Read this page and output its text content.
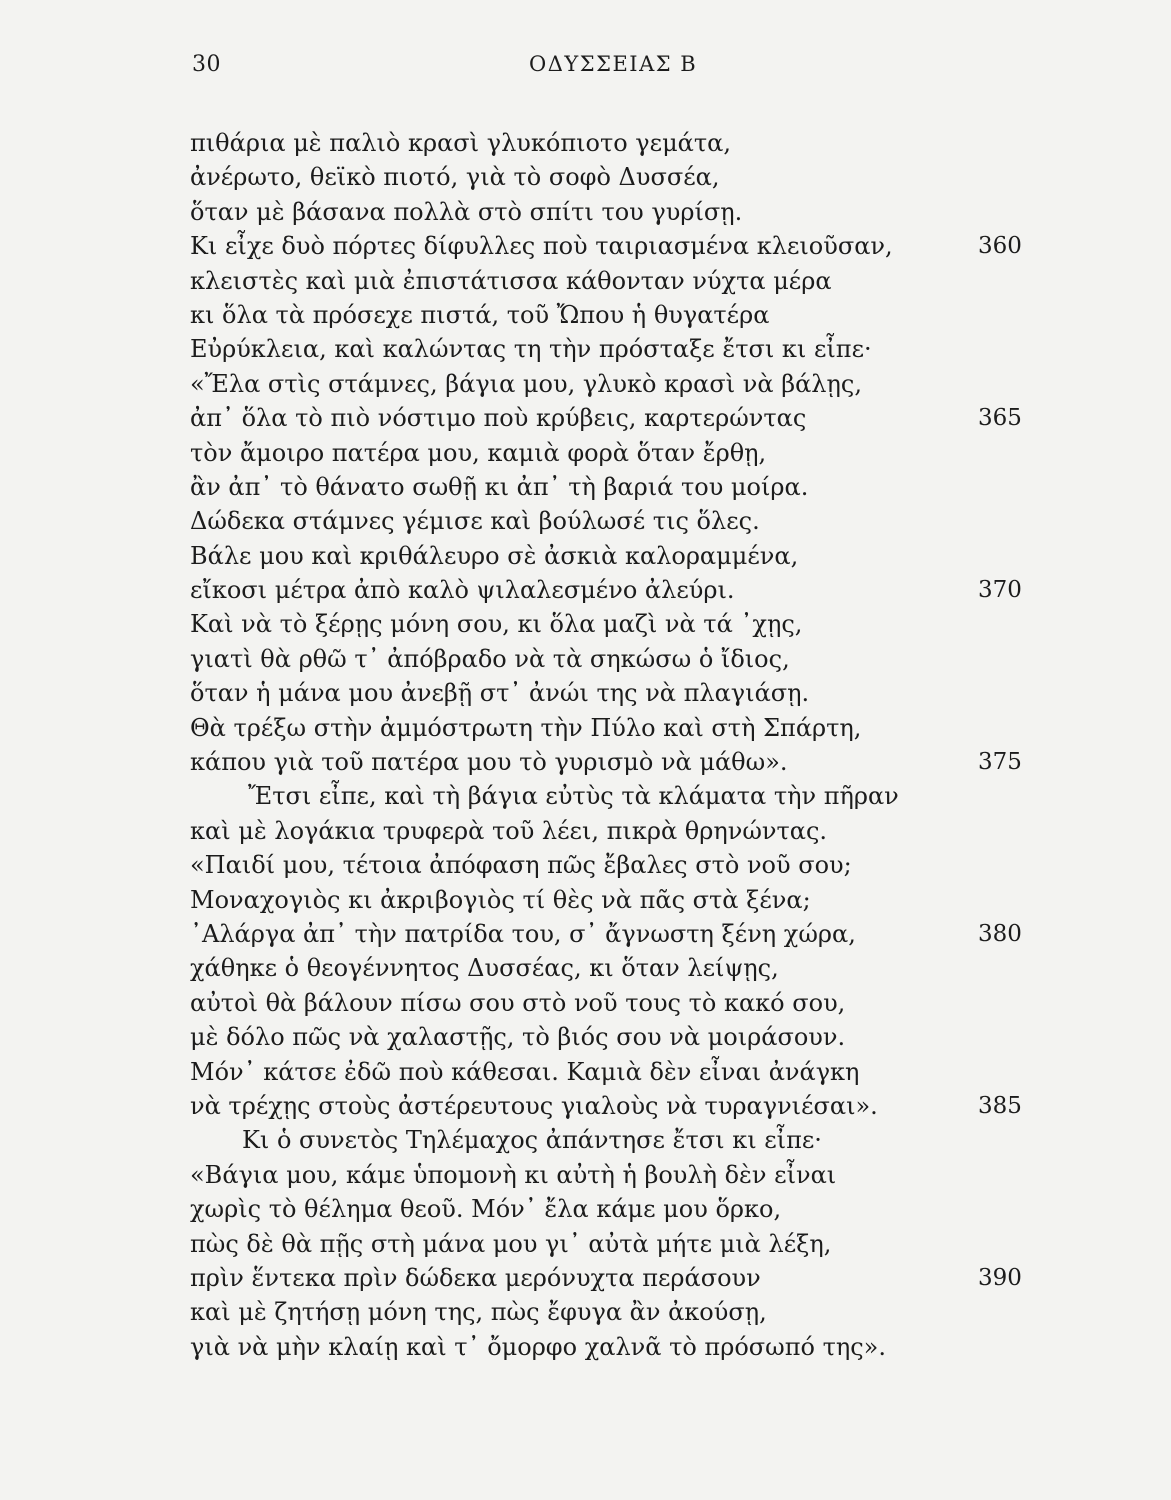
30	ΟΔΥΣΣΕΙΑΣ Β
πιθάρια μὲ παλιὸ κρασὶ γλυκόπιοτο γεμάτα,
ἀνέρωτο, θεϊκὸ πιοτό, γιὰ τὸ σοφὸ Δυσσέα,
ὅταν μὲ βάσανα πολλὰ στὸ σπίτι του γυρίσῃ.
Κι εἶχε δυὸ πόρτες δίφυλλες ποὺ ταιριασμένα κλειοῦσαν,	360
κλειστὲς καὶ μιὰ ἐπιστάτισσα κάθονταν νύχτα μέρα
κι ὅλα τὰ πρόσεχε πιστά, τοῦ Ὤπου ἡ θυγατέρα
Εὐρύκλεια, καὶ καλώντας τη τὴν πρόσταξε ἔτσι κι εἶπε·
«Ἔλα στὶς στάμνες, βάγια μου, γλυκὸ κρασὶ νὰ βάλῃς,
ἀπ᾿ ὅλα τὸ πιὸ νόστιμο ποὺ κρύβεις, καρτερώντας	365
τὸν ἄμοιρο πατέρα μου, καμιὰ φορὰ ὅταν ἔρθῃ,
ἂν ἀπ᾿ τὸ θάνατο σωθῇ κι ἀπ᾿ τὴ βαριά του μοίρα.
Δώδεκα στάμνες γέμισε καὶ βούλωσέ τις ὅλες.
Βάλε μου καὶ κριθάλευρο σὲ ἀσκιὰ καλοραμμένα,
εἴκοσι μέτρα ἀπὸ καλὸ ψιλαλεσμένο ἀλεύρι.	370
Καὶ νὰ τὸ ξέρῃς μόνη σου, κι ὅλα μαζὶ νὰ τά ᾿χῃς,
γιατὶ θὰ ρθῶ τ᾿ ἀπόβραδο νὰ τὰ σηκώσω ὁ ἴδιος,
ὅταν ἡ μάνα μου ἀνεβῇ στ᾿ ἀνώι της νὰ πλαγιάσῃ.
Θὰ τρέξω στὴν ἀμμόστρωτη τὴν Πύλο καὶ στὴ Σπάρτη,
κάπου γιὰ τοῦ πατέρα μου τὸ γυρισμὸ νὰ μάθω».	375
Ἔτσι εἶπε, καὶ τὴ βάγια εὐτὺς τὰ κλάματα τὴν πῆραν
καὶ μὲ λογάκια τρυφερὰ τοῦ λέει, πικρὰ θρηνώντας.
«Παιδί μου, τέτοια ἀπόφαση πῶς ἔβαλες στὸ νοῦ σου;
Μοναχογιὸς κι ἀκριβογιὸς τί θὲς νὰ πᾶς στὰ ξένα;
᾿Αλάργα ἀπ᾿ τὴν πατρίδα του, σ᾿ ἄγνωστη ξένη χώρα,	380
χάθηκε ὁ θεογέννητος Δυσσέας, κι ὅταν λείψῃς,
αὐτοὶ θὰ βάλουν πίσω σου στὸ νοῦ τους τὸ κακό σου,
μὲ δόλο πῶς νὰ χαλαστῇς, τὸ βιός σου νὰ μοιράσουν.
Μόν᾿ κάτσε ἐδῶ ποὺ κάθεσαι. Καμιὰ δὲν εἶναι ἀνάγκη
νὰ τρέχῃς στοὺς ἀστέρευτους γιαλοὺς νὰ τυραγνιέσαι».	385
Κι ὁ συνετὸς Τηλέμαχος ἀπάντησε ἔτσι κι εἶπε·
«Βάγια μου, κάμε ὑπομονὴ κι αὐτὴ ἡ βουλὴ δὲν εἶναι
χωρὶς τὸ θέλημα θεοῦ. Μόν᾿ ἔλα κάμε μου ὅρκο,
πὼς δὲ θὰ πῇς στὴ μάνα μου γι᾿ αὐτὰ μήτε μιὰ λέξη,
πρὶν ἕντεκα πρὶν δώδεκα μερόνυχτα περάσουν	390
καὶ μὲ ζητήσῃ μόνη της, πὼς ἔφυγα ἂν ἀκούσῃ,
γιὰ νὰ μὴν κλαίῃ καὶ τ᾿ ὄμορφο χαλνᾶ τὸ πρόσωπό της».
